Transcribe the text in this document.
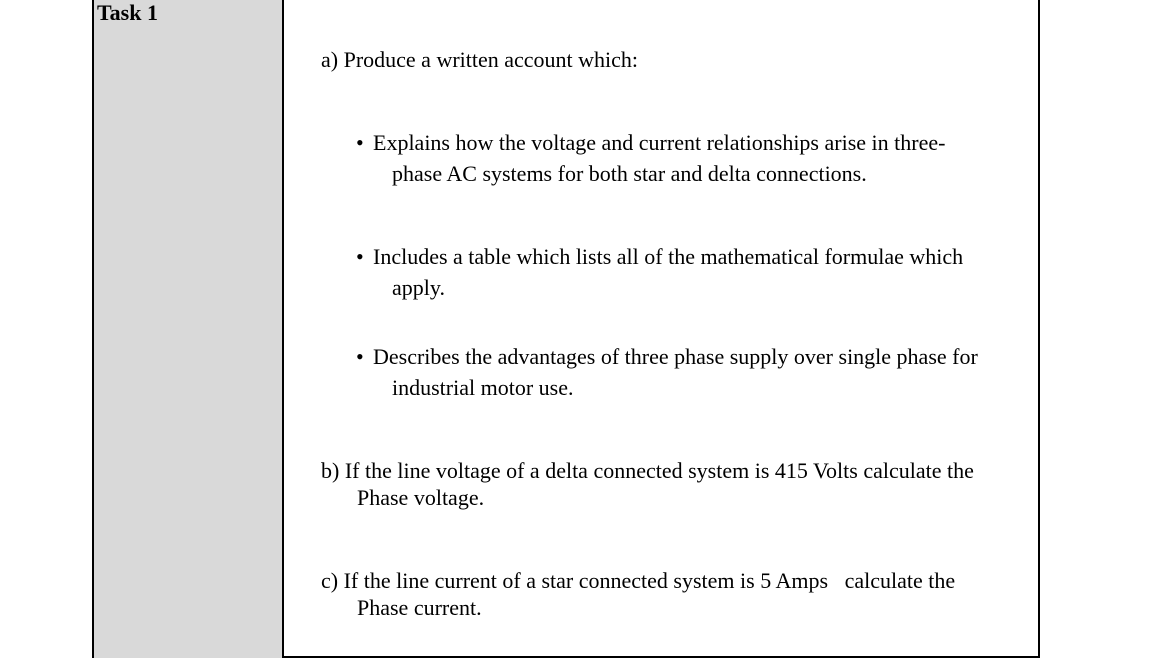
Task 1
a) Produce a written account which:
• Explains how the voltage and current relationships arise in three-
phase AC systems for both star and delta connections.
• Includes a table which lists all of the mathematical formulae which
apply.
• Describes the advantages of three phase supply over single phase for
industrial motor use.
b) If the line voltage of a delta connected system is 415 Volts calculate the
Phase voltage.
c) If the line current of a star connected system is 5 Amps   calculate the
Phase current.
